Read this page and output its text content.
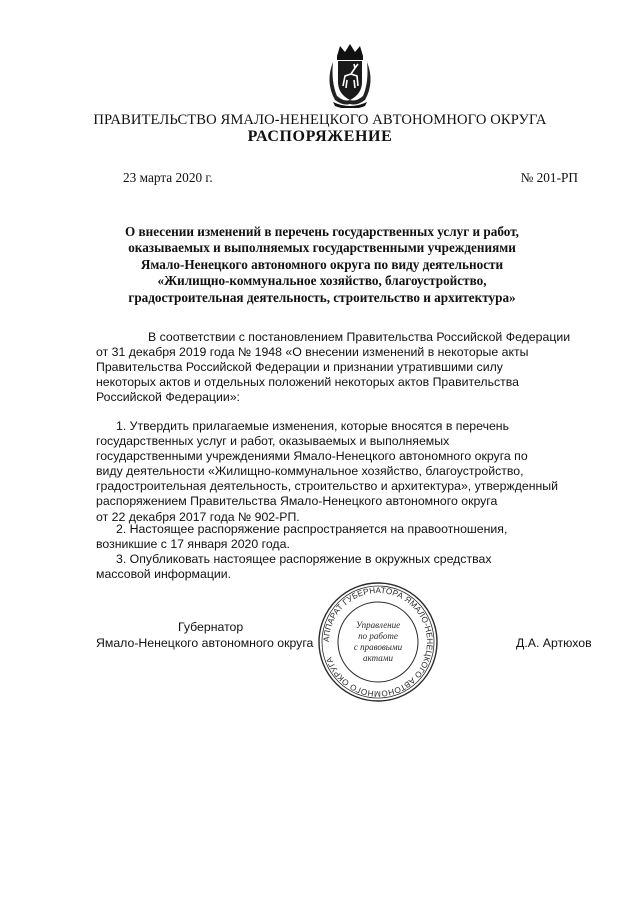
ПРАВИТЕЛЬСТВО ЯМАЛО-НЕНЕЦКОГО АВТОНОМНОГО ОКРУГА
РАСПОРЯЖЕНИЕ
23 марта 2020 г.	№ 201-РП
О внесении изменений в перечень государственных услуг и работ,
оказываемых и выполняемых государственными учреждениями
Ямало-Ненецкого автономного округа по виду деятельности
«Жилищно-коммунальное хозяйство, благоустройство,
градостроительная деятельность, строительство и архитектура»
В соответствии с постановлением Правительства Российской Федерации
от 31 декабря 2019 года № 1948 «О внесении изменений в некоторые акты
Правительства Российской Федерации и признании утратившими силу
некоторых актов и отдельных положений некоторых актов Правительства
Российской Федерации»:
1. Утвердить прилагаемые изменения, которые вносятся в перечень
государственных услуг и работ, оказываемых и выполняемых
государственными учреждениями Ямало-Ненецкого автономного округа по
виду деятельности «Жилищно-коммунальное хозяйство, благоустройство,
градостроительная деятельность, строительство и архитектура», утвержденный
распоряжением Правительства Ямало-Ненецкого автономного округа
от 22 декабря 2017 года № 902-РП.
2. Настоящее распоряжение распространяется на правоотношения,
возникшие с 17 января 2020 года.
3. Опубликовать настоящее распоряжение в окружных средствах
массовой информации.
Губернатор
Ямало-Ненецкого автономного округа	Д.А. Артюхов
АППАРАТ ГУБЕРНАТОРА ЯМАЛО-НЕНЕЦКОГО АВТОНОМНОГО ОКРУГА
Управление
по работе
с правовыми
актами
